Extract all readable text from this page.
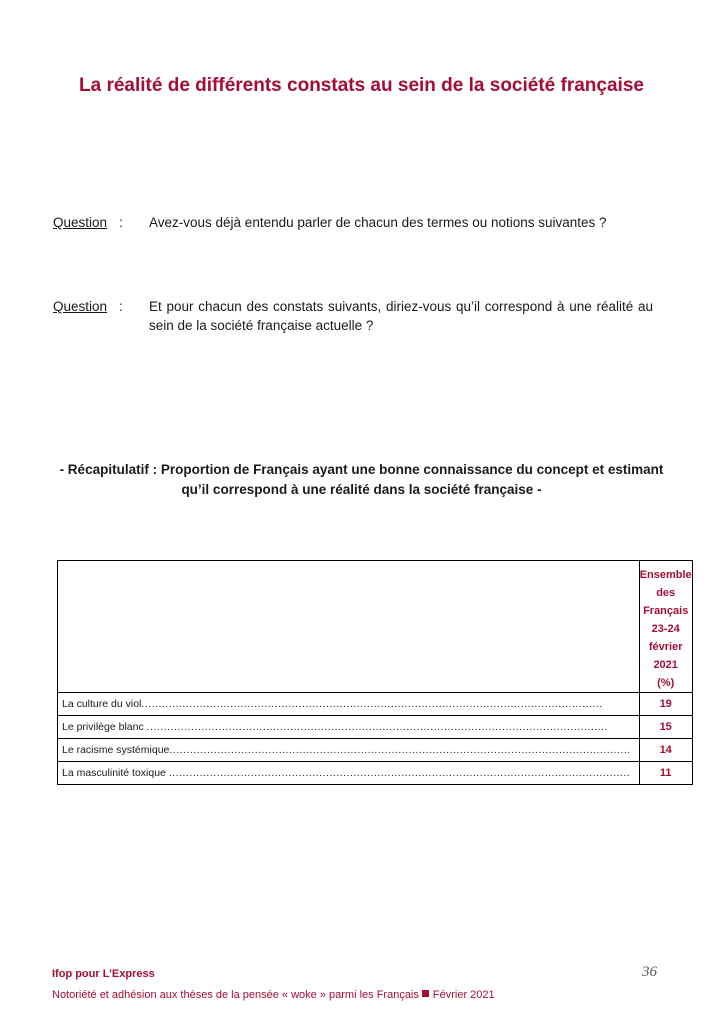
La réalité de différents constats au sein de la société française
Question : Avez-vous déjà entendu parler de chacun des termes ou notions suivantes ?
Question : Et pour chacun des constats suivants, diriez-vous qu’il correspond à une réalité au sein de la société française actuelle ?
- Récapitulatif : Proportion de Français ayant une bonne connaissance du concept et estimant qu’il correspond à une réalité dans la société française -

	Ensemble des
Français
23-24 février
2021
(%)

La culture du viol.......................................................................................................................................	19
Le privilège blanc .......................................................................................................................................	15
Le racisme systémique.......................................................................................................................................	14
La masculinité toxique .......................................................................................................................................	11
Ifop pour L’Express	36
Notoriété et adhésion aux thèses de la pensée « woke » parmi les Français Février 2021
